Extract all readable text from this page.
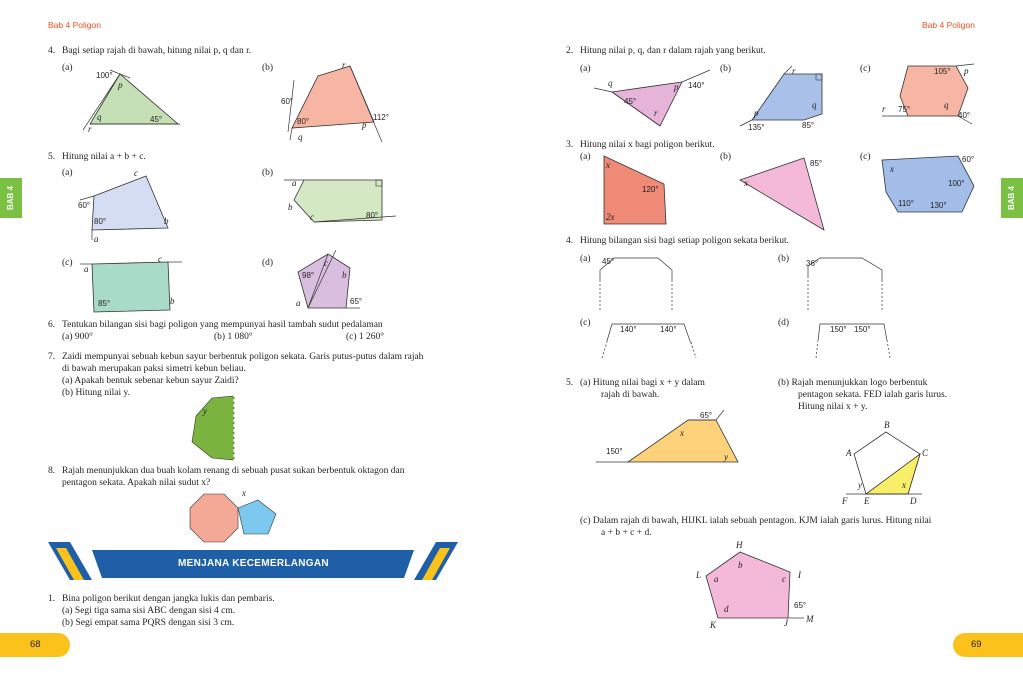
Bab 4 Poligon	Bab 4 Poligon
BAB 4	BAB 4
68	69
4. Bagi setiap rajah di bawah, hitung nilai p, q dan r.
(a)	(b)
100°
p
q
r
45°
r
60°
80°
q
p
112°
5. Hitung nilai a + b + c.
(a)	(b)
c
60°
80°	b
a
a
b
c	80°
(c)	(d)
c
a
85°	b
c
98°	b
a	65°
6. Tentukan bilangan sisi bagi poligon yang mempunyai hasil tambah sudut pedalaman
(a) 900°	(b) 1 080°	(c) 1 260°
7. Zaidi mempunyai sebuah kebun sayur berbentuk poligon sekata. Garis putus-putus dalam rajah
di bawah merupakan paksi simetri kebun beliau.
(a) Apakah bentuk sebenar kebun sayur Zaidi?
(b) Hitung nilai y.
y
8. Rajah menunjukkan dua buah kolam renang di sebuah pusat sukan berbentuk oktagon dan
pentagon sekata. Apakah nilai sudut x?
x
MENJANA KECEMERLANGAN
1. Bina poligon berikut dengan jangka lukis dan pembaris.
(a) Segi tiga sama sisi ABC dengan sisi 4 cm.
(b) Segi empat sama PQRS dengan sisi 3 cm.
2. Hitung nilai p, q, dan r dalam rajah yang berikut.
(a)	(b)	(c)
q	p 140°
45°
r
r
q
p
135°	85°
105° p
r 75°	q
40°
3. Hitung nilai x bagi poligon berikut.
(a)	(b)	(c)
x
120°
2x
x
85°
x
60°
100°
110° 130°
4. Hitung bilangan sisi bagi setiap poligon sekata berikut.
(a)	(b)
45°	36°
(c)	(d)
140°	140°	150° 150°
5. (a) Hitung nilai bagi x + y dalam
rajah di bawah.
(b) Rajah menunjukkan logo berbentuk
pentagon sekata. FED ialah garis lurus.
Hitung nilai x + y.
65°
x
150°
y
B
A	C
y	x
F E	D
(c) Dalam rajah di bawah, HIJKL ialah sebuah pentagon. KJM ialah garis lurus. Hitung nilai
a + b + c + d.
H
b
L a	c I
d	65°
K	J M
